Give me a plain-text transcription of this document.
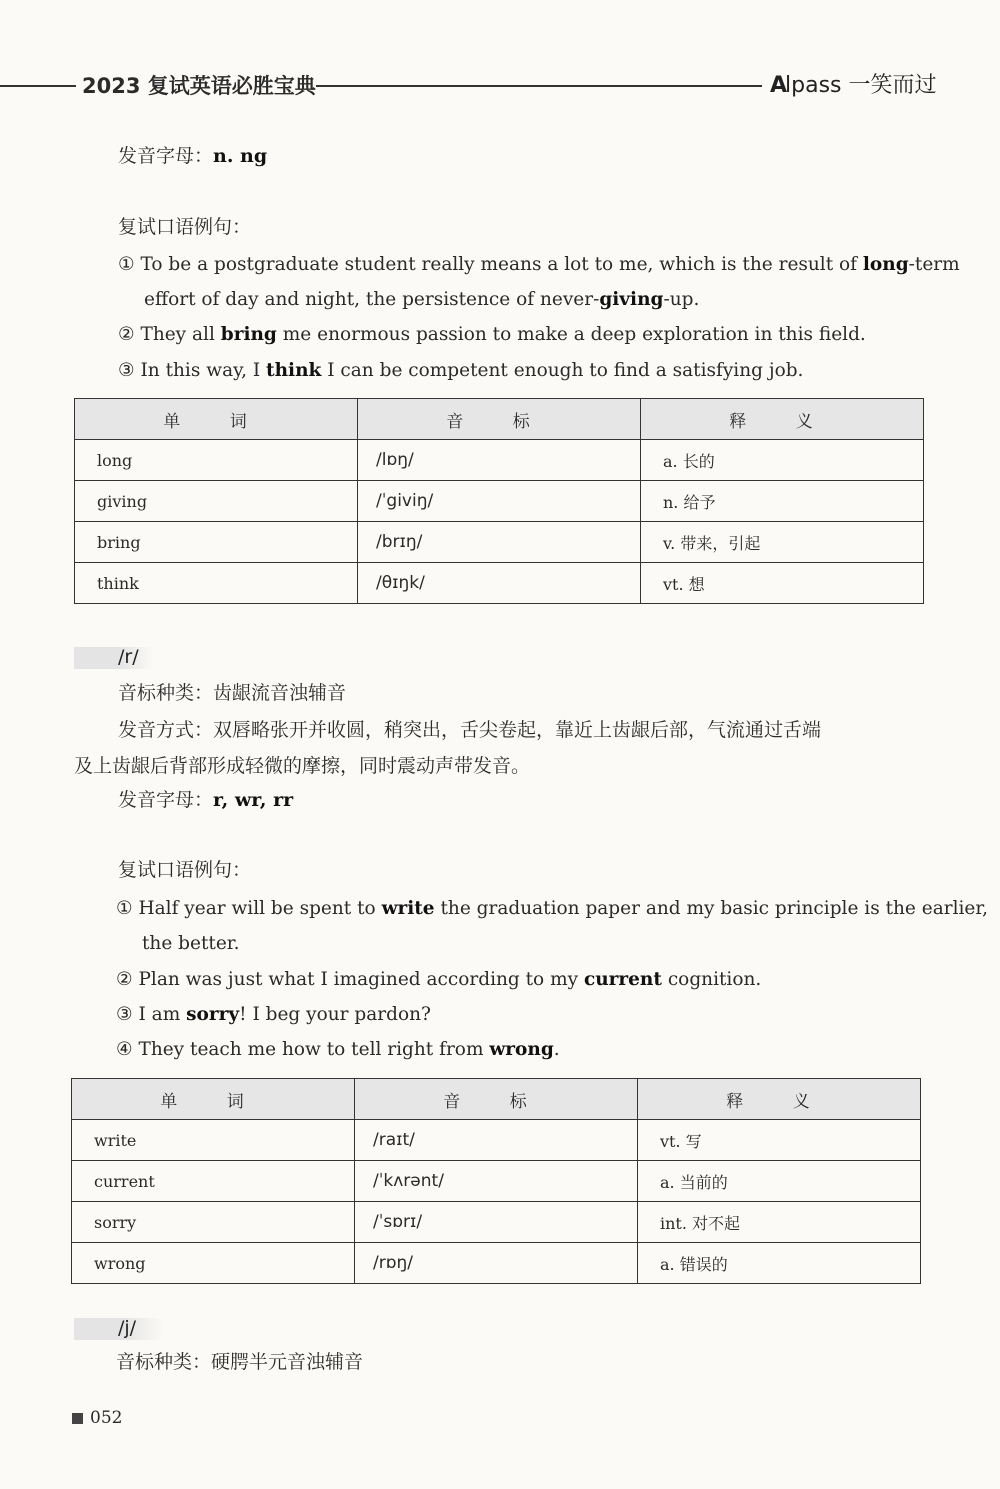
2023 复试英语必胜宝典	Alpass 一笑而过
发音字母：n. ng
复试口语例句：
① To be a postgraduate student really means a lot to me, which is the result of long-term
effort of day and night, the persistence of never-giving-up.
② They all bring me enormous passion to make a deep exploration in this field.
③ In this way, I think I can be competent enough to find a satisfying job.
单 词	音 标	释 义
long	/lɒŋ/	a. 长的
giving	/ˈgiviŋ/	n. 给予
bring	/brɪŋ/	v. 带来，引起
think	/θɪŋk/	vt. 想
/r/
音标种类：齿龈流音浊辅音
发音方式：双唇略张开并收圆，稍突出，舌尖卷起，靠近上齿龈后部，气流通过舌端
及上齿龈后背部形成轻微的摩擦，同时震动声带发音。
发音字母：r, wr, rr
复试口语例句：
① Half year will be spent to write the graduation paper and my basic principle is the earlier,
the better.
② Plan was just what I imagined according to my current cognition.
③ I am sorry! I beg your pardon?
④ They teach me how to tell right from wrong.
单 词	音 标	释 义
write	/raɪt/	vt. 写
current	/ˈkʌrənt/	a. 当前的
sorry	/ˈsɒrɪ/	int. 对不起
wrong	/rɒŋ/	a. 错误的
/j/
音标种类：硬腭半元音浊辅音
052
